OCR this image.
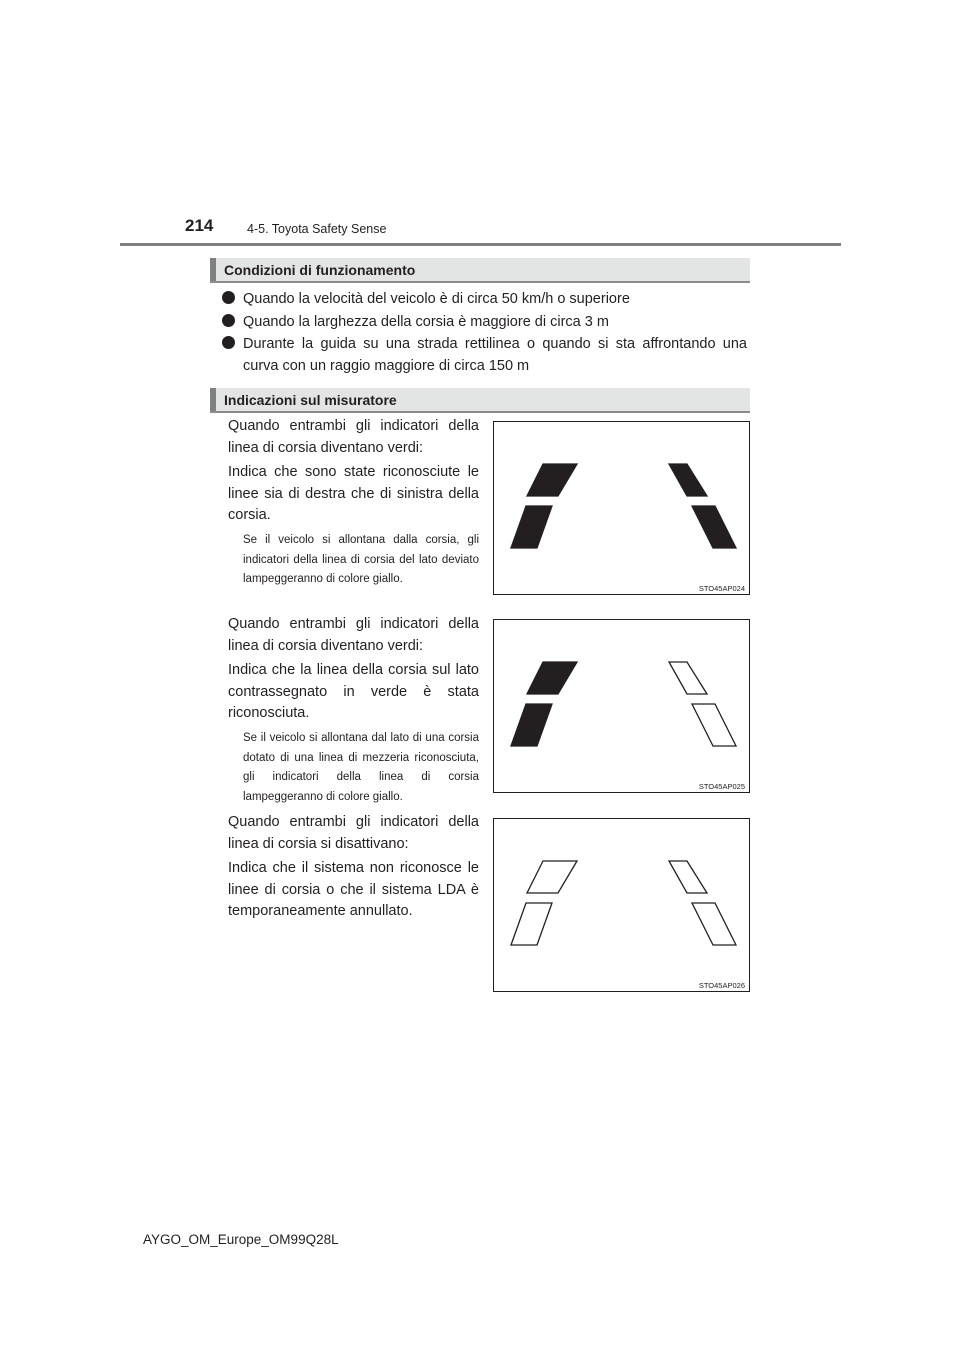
214	4-5. Toyota Safety Sense
Condizioni di funzionamento
Quando la velocità del veicolo è di circa 50 km/h o superiore
Quando la larghezza della corsia è maggiore di circa 3 m
Durante la guida su una strada rettilinea o quando si sta affrontando una curva con un raggio maggiore di circa 150 m
Indicazioni sul misuratore
Quando entrambi gli indicatori della linea di corsia diventano verdi:
Indica che sono state riconosciute le linee sia di destra che di sinistra della corsia.
Se il veicolo si allontana dalla corsia, gli indicatori della linea di corsia del lato deviato lampeggeranno di colore giallo.
STO45AP024
Quando entrambi gli indicatori della linea di corsia diventano verdi:
Indica che la linea della corsia sul lato contrassegnato in verde è stata riconosciuta.
Se il veicolo si allontana dal lato di una corsia dotato di una linea di mezzeria riconosciuta, gli indicatori della linea di corsia lampeggeranno di colore giallo.
STO45AP025
Quando entrambi gli indicatori della linea di corsia si disattivano:
Indica che il sistema non riconosce le linee di corsia o che il sistema LDA è temporaneamente annullato.
STO45AP026
AYGO_OM_Europe_OM99Q28L
